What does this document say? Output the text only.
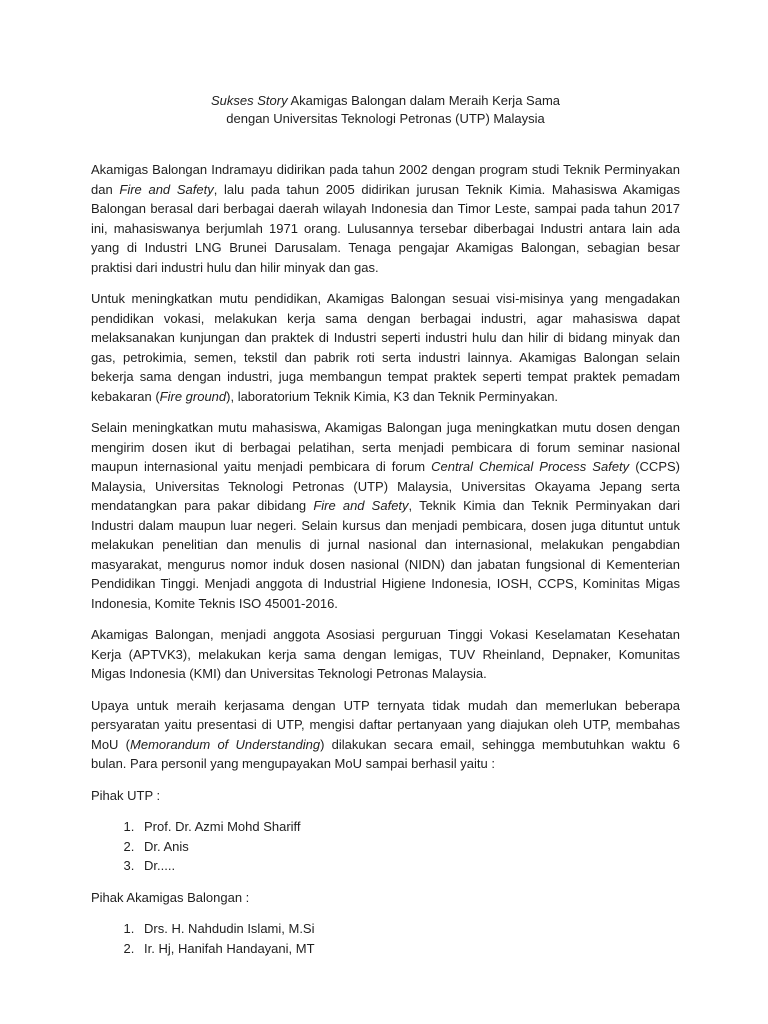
Sukses Story Akamigas Balongan dalam Meraih Kerja Sama
dengan Universitas Teknologi Petronas (UTP) Malaysia

Akamigas Balongan Indramayu didirikan pada tahun 2002 dengan program studi Teknik Perminyakan dan Fire and Safety, lalu pada tahun 2005 didirikan jurusan Teknik Kimia. Mahasiswa Akamigas Balongan berasal dari berbagai daerah wilayah Indonesia dan Timor Leste, sampai pada tahun 2017 ini, mahasiswanya berjumlah 1971 orang. Lulusannya tersebar diberbagai Industri antara lain ada yang di Industri LNG Brunei Darusalam. Tenaga pengajar Akamigas Balongan, sebagian besar praktisi dari industri hulu dan hilir minyak dan gas.

Untuk meningkatkan mutu pendidikan, Akamigas Balongan sesuai visi-misinya yang mengadakan pendidikan vokasi, melakukan kerja sama dengan berbagai industri, agar mahasiswa dapat melaksanakan kunjungan dan praktek di Industri seperti industri hulu dan hilir di bidang minyak dan gas, petrokimia, semen, tekstil dan pabrik roti serta industri lainnya. Akamigas Balongan selain bekerja sama dengan industri, juga membangun tempat praktek seperti tempat praktek pemadam kebakaran (Fire ground), laboratorium Teknik Kimia, K3 dan Teknik Perminyakan.

Selain meningkatkan mutu mahasiswa, Akamigas Balongan juga meningkatkan mutu dosen dengan mengirim dosen ikut di berbagai pelatihan, serta menjadi pembicara di forum seminar nasional maupun internasional yaitu menjadi pembicara di forum Central Chemical Process Safety (CCPS) Malaysia, Universitas Teknologi Petronas (UTP) Malaysia, Universitas Okayama Jepang serta mendatangkan para pakar dibidang Fire and Safety, Teknik Kimia dan Teknik Perminyakan dari Industri dalam maupun luar negeri. Selain kursus dan menjadi pembicara, dosen juga dituntut untuk melakukan penelitian dan menulis di jurnal nasional dan internasional, melakukan pengabdian masyarakat, mengurus nomor induk dosen nasional (NIDN) dan jabatan fungsional di Kementerian Pendidikan Tinggi. Menjadi anggota di Industrial Higiene Indonesia, IOSH, CCPS, Kominitas Migas Indonesia, Komite Teknis ISO 45001-2016.

Akamigas Balongan, menjadi anggota Asosiasi perguruan Tinggi Vokasi Keselamatan Kesehatan Kerja (APTVK3), melakukan kerja sama dengan lemigas, TUV Rheinland, Depnaker, Komunitas Migas Indonesia (KMI) dan Universitas Teknologi Petronas Malaysia.

Upaya untuk meraih kerjasama dengan UTP ternyata tidak mudah dan memerlukan beberapa persyaratan yaitu presentasi di UTP, mengisi daftar pertanyaan yang diajukan oleh UTP, membahas MoU (Memorandum of Understanding) dilakukan secara email, sehingga membutuhkan waktu 6 bulan. Para personil yang mengupayakan MoU sampai berhasil yaitu :

Pihak UTP :
1. Prof. Dr. Azmi Mohd Shariff
2. Dr. Anis
3. Dr.....
Pihak Akamigas Balongan :
1. Drs. H. Nahdudin Islami, M.Si
2. Ir. Hj, Hanifah Handayani, MT
